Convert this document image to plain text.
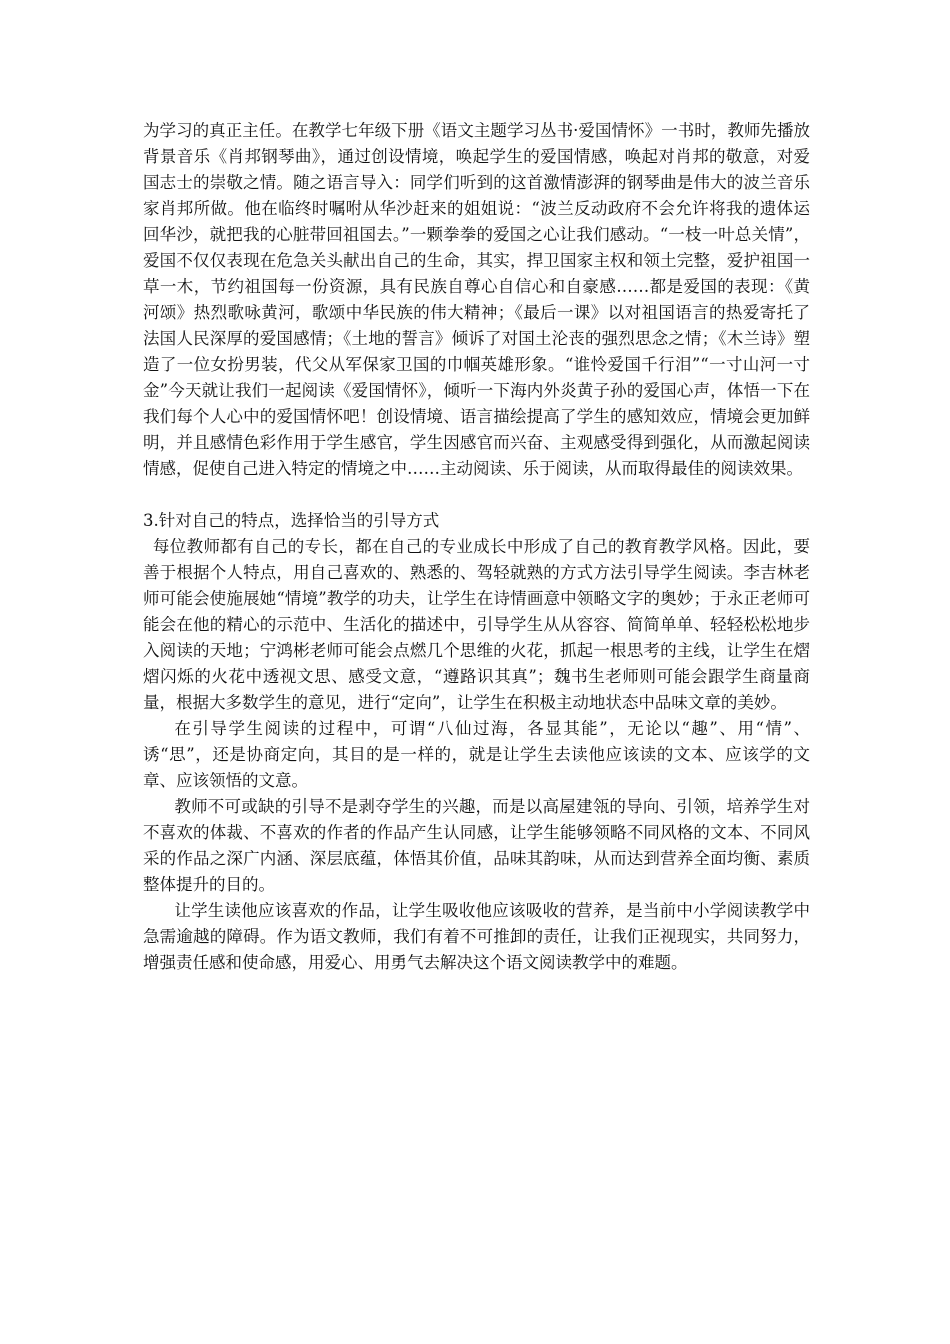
为学习的真正主任。在教学七年级下册《语文主题学习丛书·爱国情怀》一书时，教师先播放背景音乐《肖邦钢琴曲》，通过创设情境，唤起学生的爱国情感，唤起对肖邦的敬意，对爱国志士的崇敬之情。随之语言导入：同学们听到的这首激情澎湃的钢琴曲是伟大的波兰音乐家肖邦所做。他在临终时嘱咐从华沙赶来的姐姐说：“波兰反动政府不会允许将我的遗体运回华沙，就把我的心脏带回祖国去。”一颗拳拳的爱国之心让我们感动。“一枝一叶总关情”，爱国不仅仅表现在危急关头献出自己的生命，其实，捍卫国家主权和领土完整，爱护祖国一草一木，节约祖国每一份资源，具有民族自尊心自信心和自豪感……都是爱国的表现：《黄河颂》热烈歌咏黄河，歌颂中华民族的伟大精神；《最后一课》以对祖国语言的热爱寄托了法国人民深厚的爱国感情；《土地的誓言》倾诉了对国土沦丧的强烈思念之情；《木兰诗》塑造了一位女扮男装，代父从军保家卫国的巾帼英雄形象。“谁怜爱国千行泪”“一寸山河一寸金”今天就让我们一起阅读《爱国情怀》，倾听一下海内外炎黄子孙的爱国心声，体悟一下在我们每个人心中的爱国情怀吧！创设情境、语言描绘提高了学生的感知效应，情境会更加鲜明，并且感情色彩作用于学生感官，学生因感官而兴奋、主观感受得到强化，从而激起阅读情感，促使自己进入特定的情境之中……主动阅读、乐于阅读，从而取得最佳的阅读效果。

3.针对自己的特点，选择恰当的引导方式

每位教师都有自己的专长，都在自己的专业成长中形成了自己的教育教学风格。因此，要善于根据个人特点，用自己喜欢的、熟悉的、驾轻就熟的方式方法引导学生阅读。李吉林老师可能会使施展她“情境”教学的功夫，让学生在诗情画意中领略文字的奥妙；于永正老师可能会在他的精心的示范中、生活化的描述中，引导学生从从容容、简简单单、轻轻松松地步入阅读的天地；宁鸿彬老师可能会点燃几个思维的火花，抓起一根思考的主线，让学生在熠熠闪烁的火花中透视文思、感受文意，“遵路识其真”；魏书生老师则可能会跟学生商量商量，根据大多数学生的意见，进行“定向”，让学生在积极主动地状态中品味文章的美妙。

在引导学生阅读的过程中，可谓“八仙过海，各显其能”，无论以“趣”、用“情”、诱“思”，还是协商定向，其目的是一样的，就是让学生去读他应该读的文本、应该学的文章、应该领悟的文意。

教师不可或缺的引导不是剥夺学生的兴趣，而是以高屋建瓴的导向、引领，培养学生对不喜欢的体裁、不喜欢的作者的作品产生认同感，让学生能够领略不同风格的文本、不同风采的作品之深广内涵、深层底蕴，体悟其价值，品味其韵味，从而达到营养全面均衡、素质整体提升的目的。

让学生读他应该喜欢的作品，让学生吸收他应该吸收的营养，是当前中小学阅读教学中急需逾越的障碍。作为语文教师，我们有着不可推卸的责任，让我们正视现实，共同努力，增强责任感和使命感，用爱心、用勇气去解决这个语文阅读教学中的难题。
